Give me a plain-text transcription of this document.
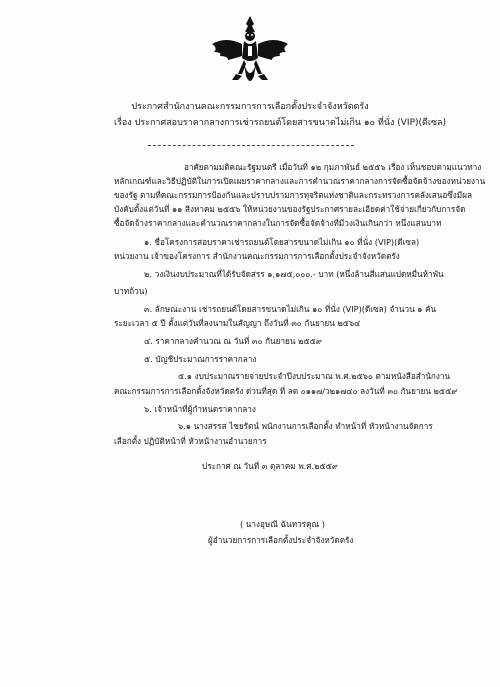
ประกาศสำนักงานคณะกรรมการการเลือกตั้งประจำจังหวัดตรัง
เรื่อง ประกาศสอบราคากลางการเช่ารถยนต์โดยสารขนาดไม่เกิน ๑๐ ที่นั่ง (VIP)(ดีเซล)
อาศัยตามมติคณะรัฐมนตรี เมื่อวันที่ ๑๒ กุมภาพันธ์ ๒๕๕๖ เรื่อง เห็นชอบตามแนวทาง
หลักเกณฑ์และวิธีปฏิบัติในการเปิดเผยราคากลางและการคำนวณราคากลางการจัดซื้อจัดจ้างของหน่วยงาน
ของรัฐ ตามที่คณะกรรมการป้องกันและปราบปรามการทุจริตแห่งชาติและกระทรวงการคลังเสนอซึ่งมีผล
บังคับตั้งแต่วันที่ ๑๑ สิงหาคม ๒๕๕๖ ให้หน่วยงานของรัฐประกาศรายละเอียดค่าใช้จ่ายเกี่ยวกับการจัด
ซื้อจัดจ้างราคากลางและคำนวณราคากลางในการจัดซื้อจัดจ้างที่มีวงเงินเกินกว่า หนึ่งแสนบาท
๑. ชื่อโครงการสอบราคาเช่ารถยนต์โดยสารขนาดไม่เกิน ๑๐ ที่นั่ง (VIP)(ดีเซล)
หน่วยงาน เจ้าของโครงการ สำนักงานคณะกรรมการการเลือกตั้งประจำจังหวัดตรัง
๒. วงเงินงบประมาณที่ได้รับจัดสรร ๑,๑๗๕,๐๐๐.- บาท (หนึ่งล้านสี่แสนแปดหมื่นห้าพัน
บาทถ้วน)
๓. ลักษณะงาน เช่ารถยนต์โดยสารขนาดไม่เกิน ๑๐ ที่นั่ง (VIP)(ดีเซล) จำนวน ๑ คัน
ระยะเวลา ๕ ปี ตั้งแต่วันที่ลงนามในสัญญา ถึงวันที่ ๓๐ กันยายน ๒๕๖๔
๔. ราคากลางคำนวณ ณ วันที่ ๓๐ กันยายน ๒๕๕๙
๕. บัญชีประมาณการราคากลาง
๕.๑ งบประมาณรายจ่ายประจำปีงบประมาณ พ.ศ.๒๕๖๐ ตามหนังสือสำนักงาน
คณะกรรมการการเลือกตั้งจังหวัดตรัง ด่วนที่สุด ที่ ลต ๐๑๑๗/ว๒๑๗๔๐ ลงวันที่ ๓๐ กันยายน ๒๕๕๙
๖. เจ้าหน้าที่ผู้กำหนดราคากลาง
๖.๑ นางสรรส ไชยรัตน์ พนักงานการเลือกตั้ง ทำหน้าที่ หัวหน้างานจัดการ
เลือกตั้ง ปฏิบัติหน้าที่ หัวหน้างานอำนวยการ
ประกาศ ณ วันที่ ๓ ตุลาคม พ.ศ.๒๕๕๙
( นางอุษณี ฉันทวรคุณ )
ผู้อำนวยการการเลือกตั้งประจำจังหวัดตรัง
